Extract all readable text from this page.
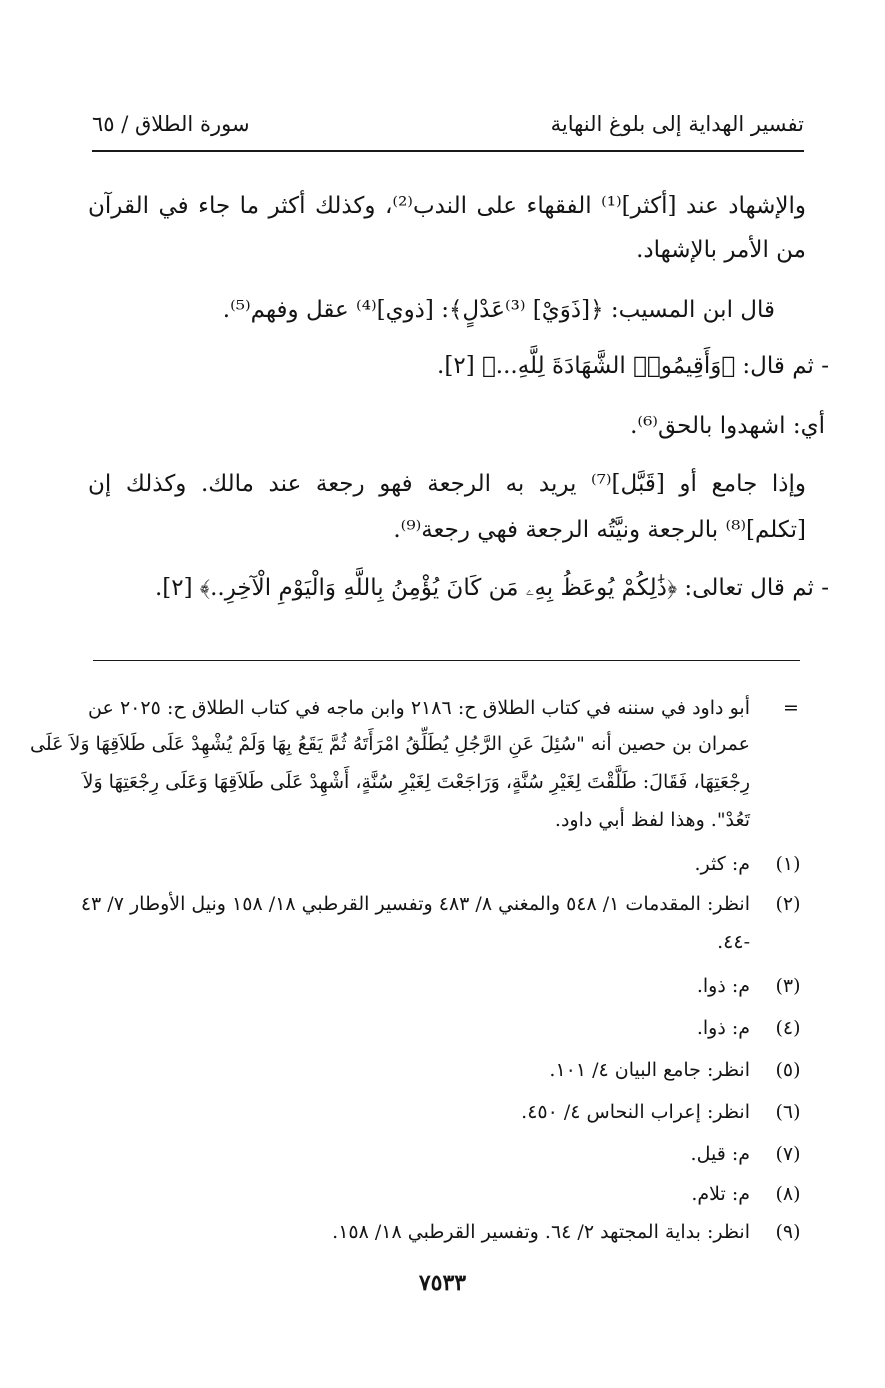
تفسير الهداية إلى بلوغ النهاية
سورة الطلاق / ٦٥
والإشهاد عند [أكثر]⁽¹⁾ الفقهاء على الندب⁽²⁾، وكذلك أكثر ما جاء في القرآن
من الأمر بالإشهاد.
قال ابن المسيب: ﴿[ذَوَيْ] ⁽³⁾عَدْلٍ﴾: [ذوي]⁽⁴⁾ عقل وفهم⁽⁵⁾.
- ثم قال: ﴿وَأَقِيمُوا۟ الشَّهَادَةَ لِلَّهِ...﴾ [٢].
أي: اشهدوا بالحق⁽⁶⁾.
وإذا جامع أو [قَبَّل]⁽⁷⁾ يريد به الرجعة فهو رجعة عند مالك. وكذلك إن
[تكلم]⁽⁸⁾ بالرجعة ونيَّتُه الرجعة فهي رجعة⁽⁹⁾.
- ثم قال تعالى: ﴿ذَٰلِكُمْ يُوعَظُ بِهِۦ مَن كَانَ يُؤْمِنُ بِاللَّهِ وَالْيَوْمِ الْآخِرِ..﴾ [٢].
=
أبو داود في سننه في كتاب الطلاق ح: ٢١٨٦ وابن ماجه في كتاب الطلاق ح: ٢٠٢٥ عن
عمران بن حصين أنه "سُئِلَ عَنِ الرَّجُلِ يُطَلِّقُ امْرَأَتَهُ ثُمَّ يَقَعُ بِهَا وَلَمْ يُشْهِدْ عَلَى طَلاَقِهَا وَلاَ عَلَى
رِجْعَتِهَا، فَقَالَ: طَلَّقْتَ لِغَيْرِ سُنَّةٍ، وَرَاجَعْتَ لِغَيْرِ سُنَّةٍ، أَشْهِدْ عَلَى طَلاَقِهَا وَعَلَى رِجْعَتِهَا وَلاَ
تَعُدْ". وهذا لفظ أبي داود.
(١)
م: كثر.
(٢)
انظر: المقدمات ١/ ٥٤٨ والمغني ٨/ ٤٨٣ وتفسير القرطبي ١٨/ ١٥٨ ونيل الأوطار ٧/ ٤٣
-٤٤.
(٣)
م: ذوا.
(٤)
م: ذوا.
(٥)
انظر: جامع البيان ٤/ ١٠١.
(٦)
انظر: إعراب النحاس ٤/ ٤٥٠.
(٧)
م: قيل.
(٨)
م: تلام.
(٩)
انظر: بداية المجتهد ٢/ ٦٤. وتفسير القرطبي ١٨/ ١٥٨.
٧٥٣٣
